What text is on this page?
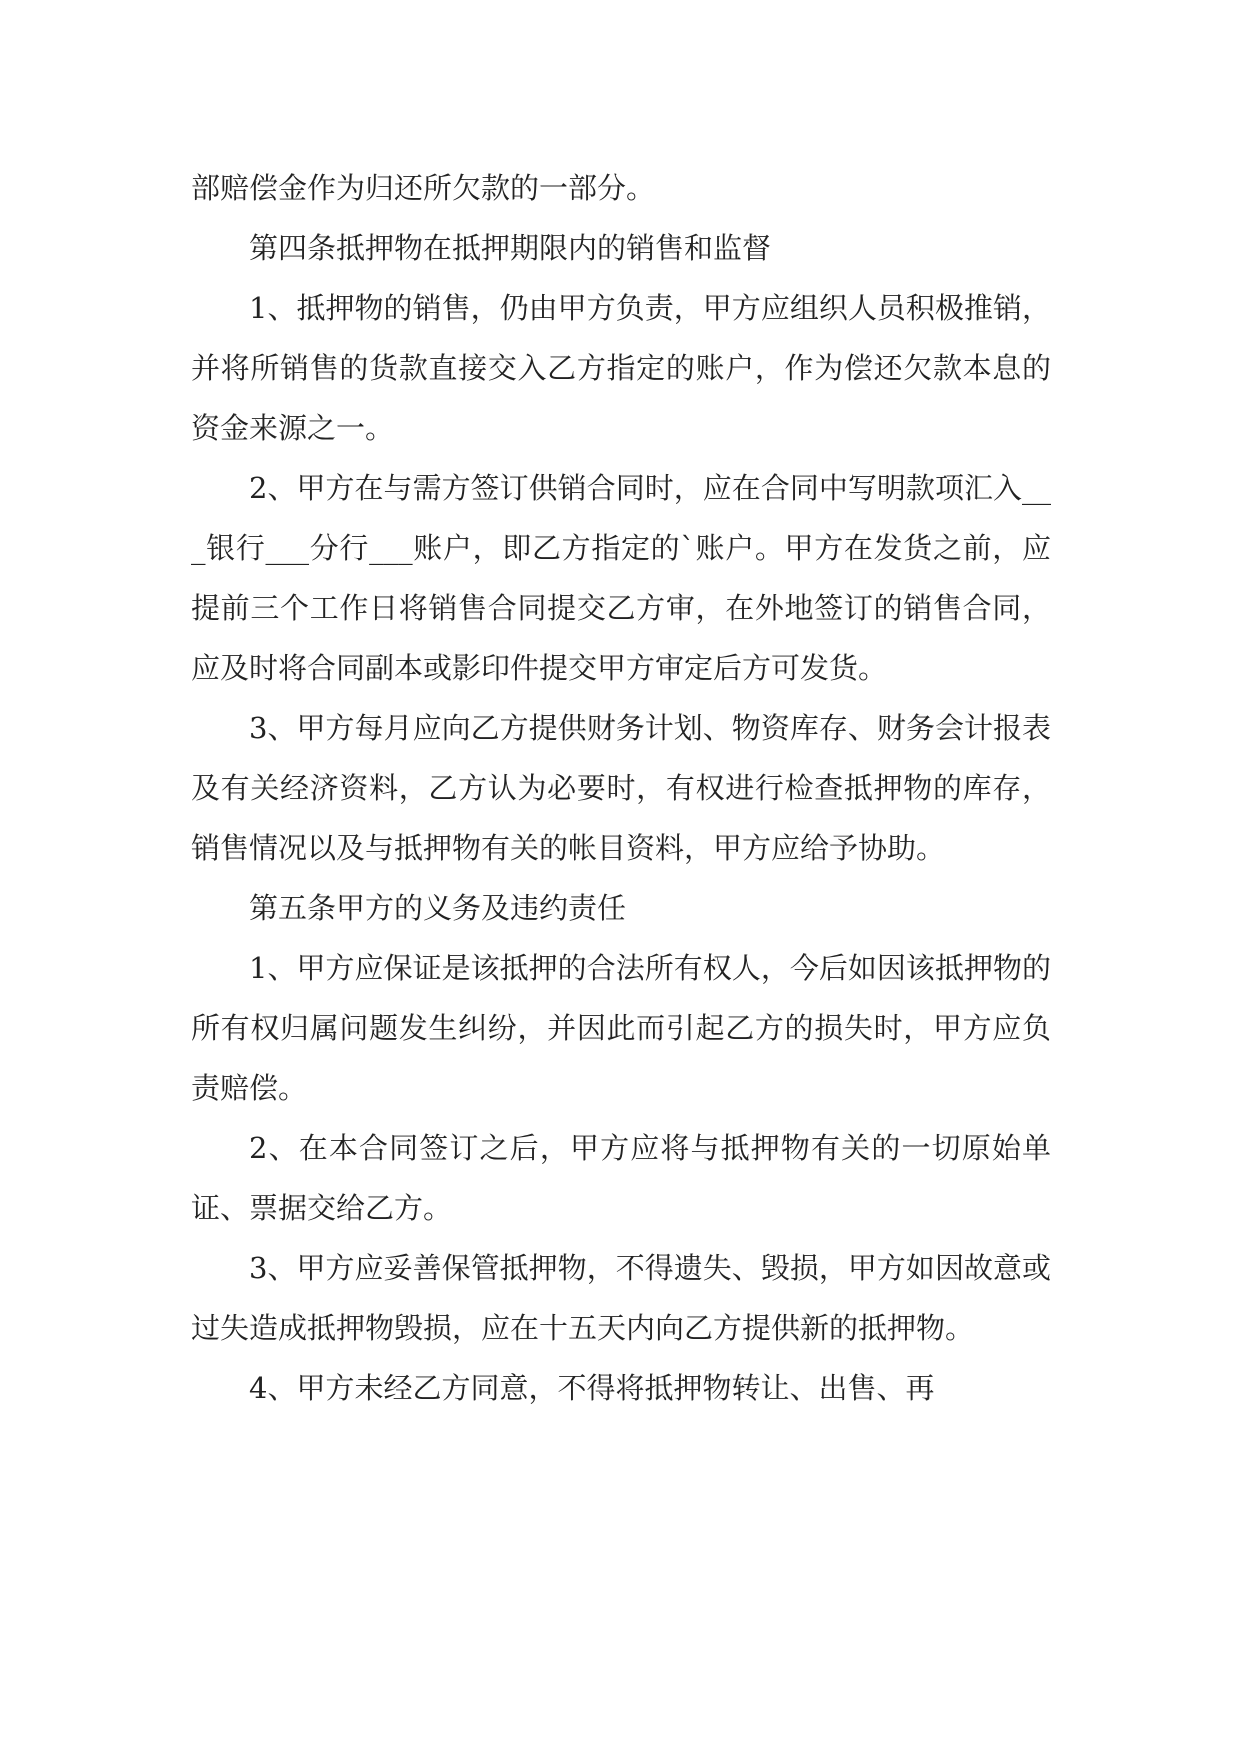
部赔偿金作为归还所欠款的一部分。

第四条抵押物在抵押期限内的销售和监督

1、抵押物的销售，仍由甲方负责，甲方应组织人员积极推销，并将所销售的货款直接交入乙方指定的账户，作为偿还欠款本息的资金来源之一。

2、甲方在与需方签订供销合同时，应在合同中写明款项汇入___银行___分行___账户，即乙方指定的`账户。甲方在发货之前，应提前三个工作日将销售合同提交乙方审，在外地签订的销售合同，应及时将合同副本或影印件提交甲方审定后方可发货。

3、甲方每月应向乙方提供财务计划、物资库存、财务会计报表及有关经济资料，乙方认为必要时，有权进行检查抵押物的库存，销售情况以及与抵押物有关的帐目资料，甲方应给予协助。

第五条甲方的义务及违约责任

1、甲方应保证是该抵押的合法所有权人，今后如因该抵押物的所有权归属问题发生纠纷，并因此而引起乙方的损失时，甲方应负责赔偿。

2、在本合同签订之后，甲方应将与抵押物有关的一切原始单证、票据交给乙方。

3、甲方应妥善保管抵押物，不得遗失、毁损，甲方如因故意或过失造成抵押物毁损，应在十五天内向乙方提供新的抵押物。

4、甲方未经乙方同意，不得将抵押物转让、出售、再
